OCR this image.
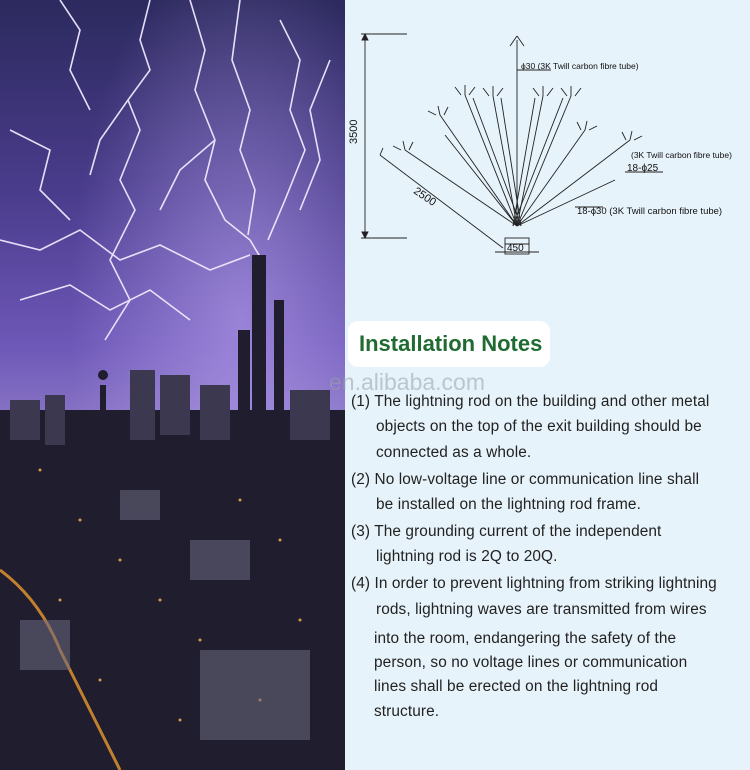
3500
2500
ϕ30 (3K Twill carbon fibre tube)
(3K Twill carbon fibre tube)
18-ϕ25
18-ϕ30 (3K Twill carbon fibre tube)
450
Installation Notes
en.alibaba.com
(1) The lightning rod on the building and other metal
objects on the top of the exit building should be
connected as a whole.
(2) No low-voltage line or communication line shall
be installed on the lightning rod frame.
(3) The grounding current of the independent
lightning rod is 2Q to 20Q.
(4) In order to prevent lightning from striking lightning
rods, lightning waves are transmitted from wires
into the room, endangering the safety of the
person, so no voltage lines or communication
lines shall be erected on the lightning rod
structure.
